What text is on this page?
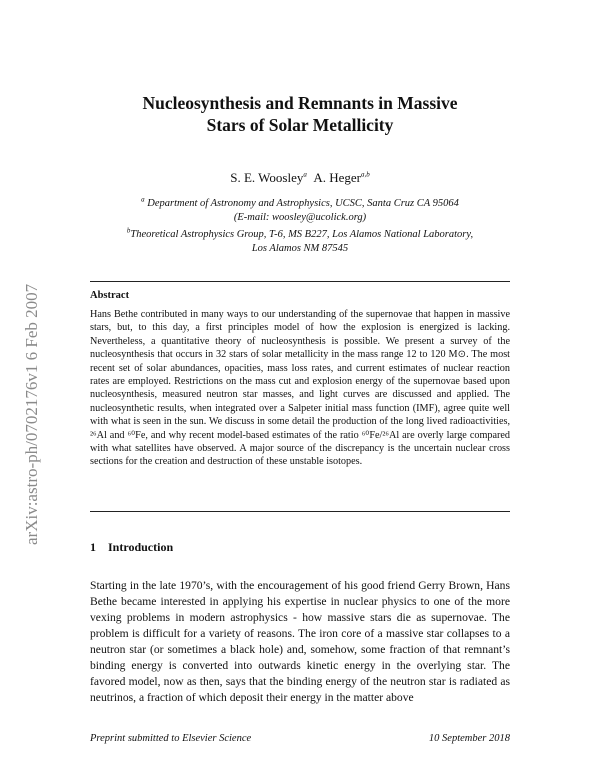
arXiv:astro-ph/0702176v1 6 Feb 2007
Nucleosynthesis and Remnants in Massive
Stars of Solar Metallicity
S. E. Woosley$^a$ A. Heger$^{a,b}$
$^a$ Department of Astronomy and Astrophysics, UCSC, Santa Cruz CA 95064
(E-mail: woosley@ucolick.org)
$^b$Theoretical Astrophysics Group, T-6, MS B227, Los Alamos National Laboratory,
Los Alamos NM 87545
Abstract
Hans Bethe contributed in many ways to our understanding of the supernovae that happen in massive stars, but, to this day, a first principles model of how the explosion is energized is lacking. Nevertheless, a quantitative theory of nucleosynthesis is possible. We present a survey of the nucleosynthesis that occurs in 32 stars of solar metallicity in the mass range 12 to 120 M⊙. The most recent set of solar abundances, opacities, mass loss rates, and current estimates of nuclear reaction rates are employed. Restrictions on the mass cut and explosion energy of the supernovae based upon nucleosynthesis, measured neutron star masses, and light curves are discussed and applied. The nucleosynthetic results, when integrated over a Salpeter initial mass function (IMF), agree quite well with what is seen in the sun. We discuss in some detail the production of the long lived radioactivities, ²⁶Al and ⁶⁰Fe, and why recent model-based estimates of the ratio ⁶⁰Fe/²⁶Al are overly large compared with what satellites have observed. A major source of the discrepancy is the uncertain nuclear cross sections for the creation and destruction of these unstable isotopes.
1 Introduction
Starting in the late 1970’s, with the encouragement of his good friend Gerry Brown, Hans Bethe became interested in applying his expertise in nuclear physics to one of the more vexing problems in modern astrophysics - how massive stars die as supernovae. The problem is difficult for a variety of reasons. The iron core of a massive star collapses to a neutron star (or sometimes a black hole) and, somehow, some fraction of that remnant’s binding energy is converted into outwards kinetic energy in the overlying star. The favored model, now as then, says that the binding energy of the neutron star is radiated as neutrinos, a fraction of which deposit their energy in the matter above
Preprint submitted to Elsevier Science	10 September 2018
